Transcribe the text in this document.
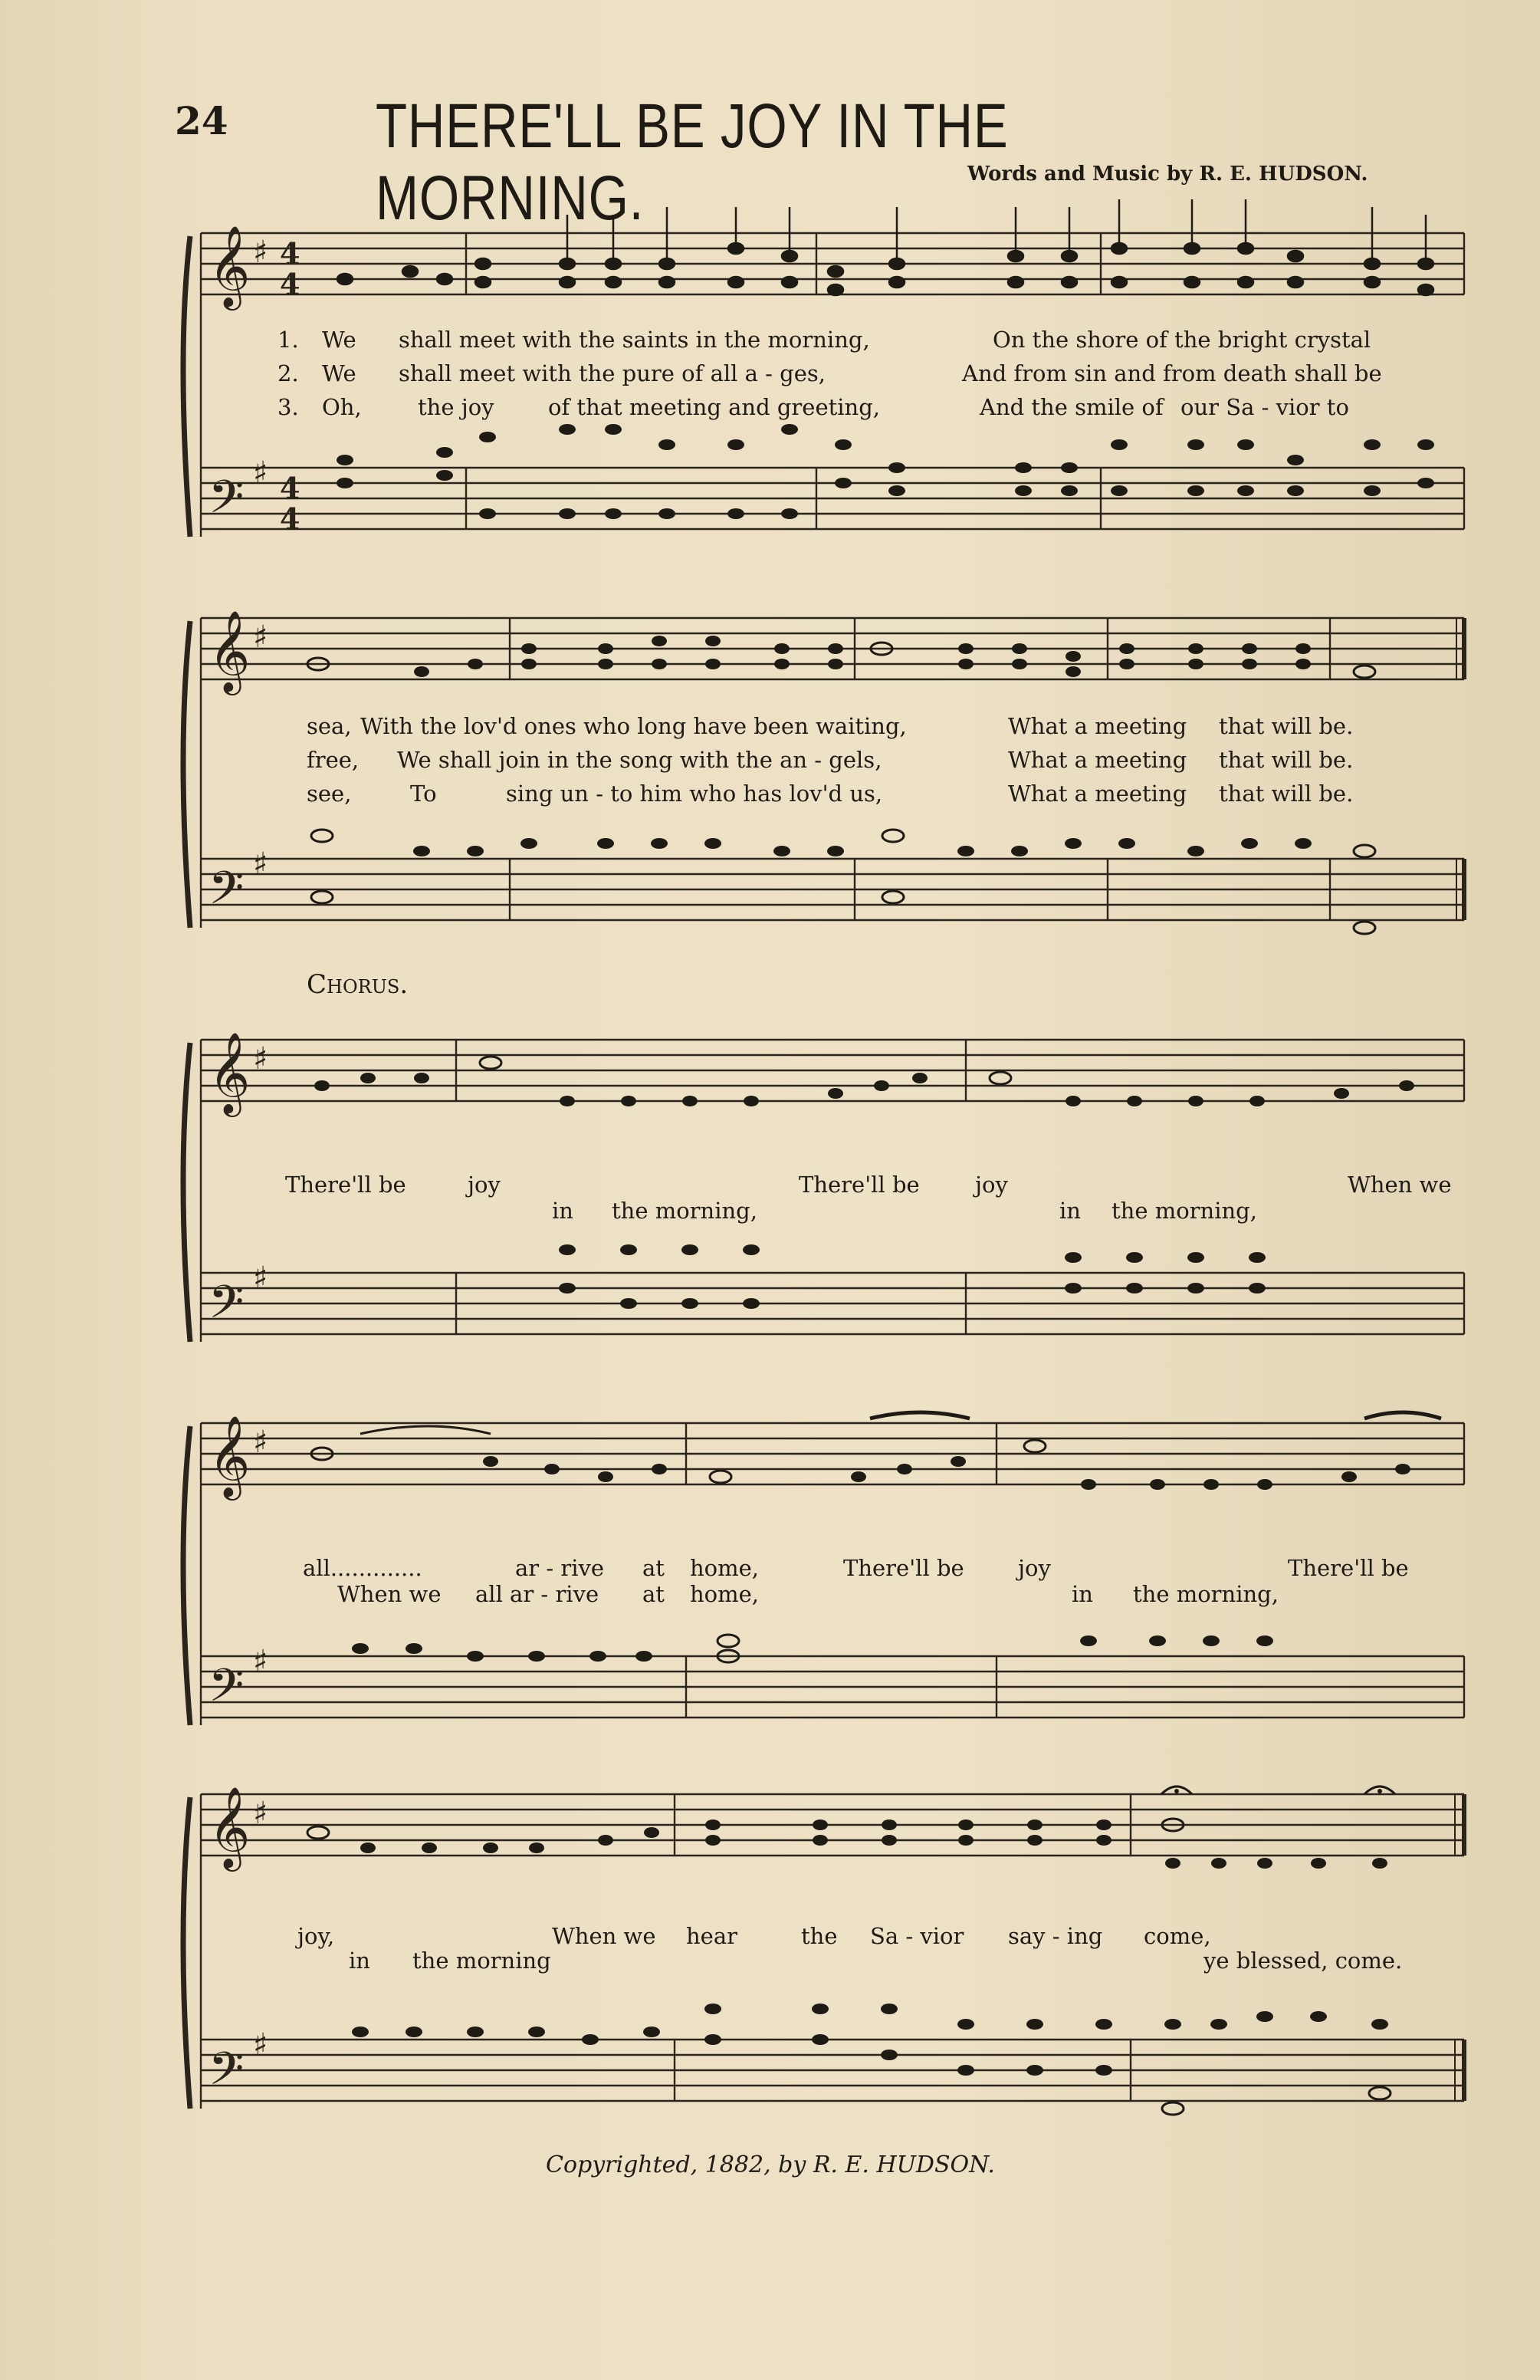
24 THERE'LL BE JOY IN THE MORNING.	Words and Music by R. E. HUDSON.
𝄞
𝄢
♯
♯
4
4
4
4
1.
2.
3.
We shall meet with the saints in the morning,	On the shore of the bright crystal
We shall meet with the pure of all a - ges,	And from sin and from death shall be
Oh,	the joy of that meeting and greeting,	And the smile of our Sa - vior to
𝄞
𝄢
♯
♯
sea, With the lov'd ones who long have been waiting,	What a meeting that will be.
free, We shall join in the song with the an - gels,	What a meeting that will be.
see,	To	sing un - to him who has lov'd us,	What a meeting that will be.
Chorus.
𝄞
𝄢
♯
♯
There'll be	joy	There'll be joy	When we
in the morning,	in the morning,
𝄞
𝄢
♯
♯
all.............	ar - rive at home,	There'll be joy	There'll be
When we all ar - rive at home,	in the morning,
𝄞
𝄢
♯
♯
joy,	When we hear	the Sa - vior say - ing come,
in the morning	ye blessed, come.
Copyrighted, 1882, by R. E. HUDSON.
